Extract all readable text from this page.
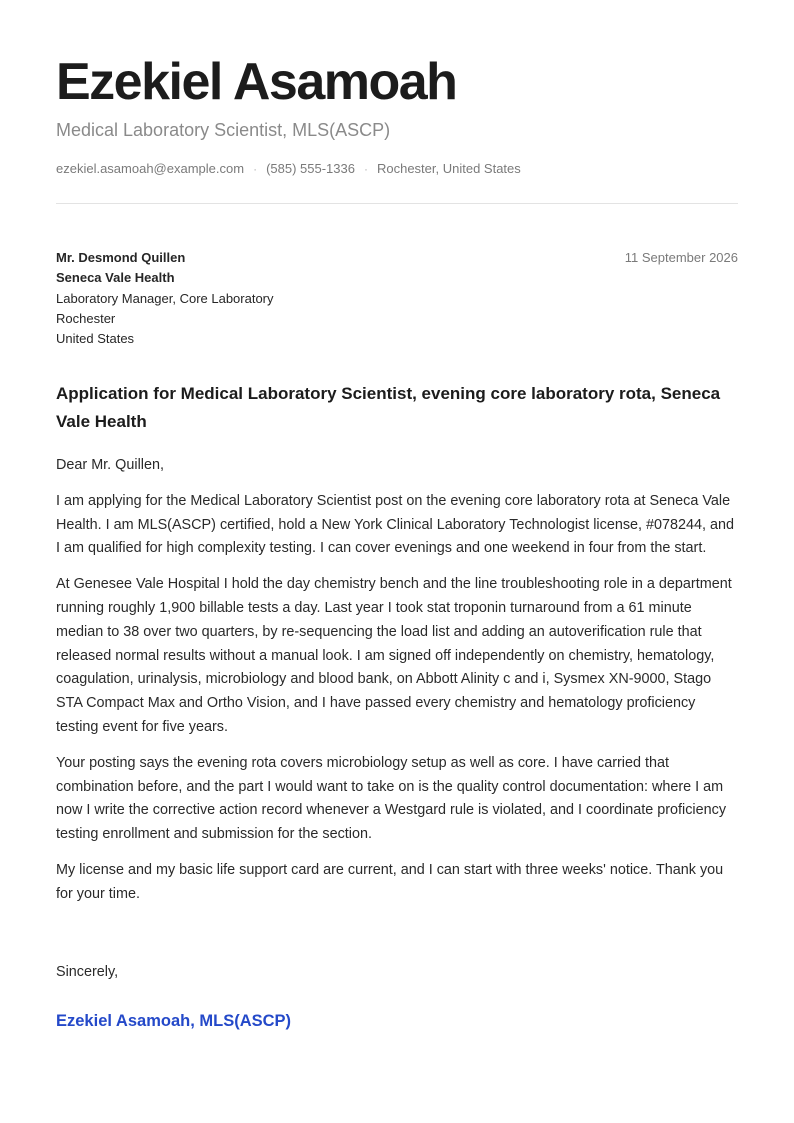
Ezekiel Asamoah
Medical Laboratory Scientist, MLS(ASCP)
ezekiel.asamoah@example.com · (585) 555-1336 · Rochester, United States
Mr. Desmond Quillen
Seneca Vale Health
Laboratory Manager, Core Laboratory
Rochester
United States
11 September 2026
Application for Medical Laboratory Scientist, evening core laboratory rota, Seneca Vale Health

Dear Mr. Quillen,

I am applying for the Medical Laboratory Scientist post on the evening core laboratory rota at Seneca Vale Health. I am MLS(ASCP) certified, hold a New York Clinical Laboratory Technologist license, #078244, and I am qualified for high complexity testing. I can cover evenings and one weekend in four from the start.

At Genesee Vale Hospital I hold the day chemistry bench and the line troubleshooting role in a department running roughly 1,900 billable tests a day. Last year I took stat troponin turnaround from a 61 minute median to 38 over two quarters, by re-sequencing the load list and adding an autoverification rule that released normal results without a manual look. I am signed off independently on chemistry, hematology, coagulation, urinalysis, microbiology and blood bank, on Abbott Alinity c and i, Sysmex XN-9000, Stago STA Compact Max and Ortho Vision, and I have passed every chemistry and hematology proficiency testing event for five years.

Your posting says the evening rota covers microbiology setup as well as core. I have carried that combination before, and the part I would want to take on is the quality control documentation: where I am now I write the corrective action record whenever a Westgard rule is violated, and I coordinate proficiency testing enrollment and submission for the section.

My license and my basic life support card are current, and I can start with three weeks' notice. Thank you for your time.

Sincerely,
Ezekiel Asamoah, MLS(ASCP)
